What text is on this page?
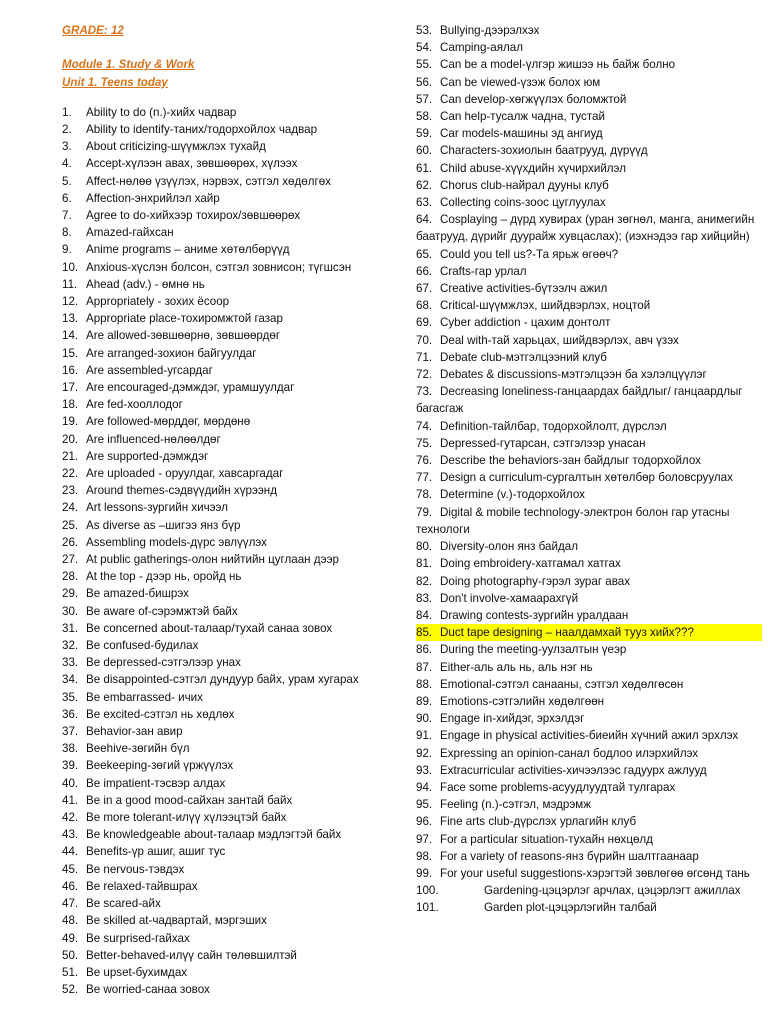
GRADE: 12
Module 1. Study & Work
Unit 1. Teens today
1.	Ability to do (n.)-хийх чадвар
2.	Ability to identify-таних/тодорхойлох чадвар
3.	About criticizing-шүүмжлэх тухайд
4.	Accept-хүлээн авах, зөвшөөрөх, хүлээх
5.	Affect-нөлөө үзүүлэх, нэрвэх, сэтгэл хөдөлгөх
6.	Affection-энхрийлэл хайр
7.	Agree to do-хийхээр тохирох/зөвшөөрөх
8.	Amazed-гайхсан
9.	Anime programs – аниме хөтөлбөрүүд
10. Anxious-хүслэн болсон, сэтгэл зовнисон; түгшсэн
11. Ahead (adv.) - өмнө нь
12. Appropriately - зохих ёсоор
13. Appropriate place-тохиромжтой газар
14. Are allowed-зөвшөөрнө, зөвшөөрдөг
15. Are arranged-зохион байгуулдаг
16. Are assembled-угсардаг
17. Are encouraged-дэмждэг, урамшуулдаг
18. Are fed-хооллодог
19. Are followed-мөрддөг, мөрдөнө
20. Are influenced-нөлөөлдөг
21. Are supported-дэмждэг
22. Are uploaded - оруулдаг, хавсаргадаг
23. Around themes-сэдвүүдийн хүрээнд
24. Art lessons-зургийн хичээл
25. As diverse as –шигээ янз бүр
26. Assembling models-дүрс эвлүүлэх
27. At public gatherings-олон нийтийн цуглаан дээр
28. At the top - дээр нь, оройд нь
29. Be amazed-бишрэх
30. Be aware of-сэрэмжтэй байх
31. Be concerned about-талаар/тухай санаа зовох
32. Be confused-будилах
33. Be depressed-сэтгэлээр унах
34. Be disappointed-сэтгэл дундуур байх, урам хугарах
35. Be embarrassed- ичих
36. Be excited-сэтгэл нь хөдлөх
37. Behavior-зан авир
38. Beehive-зөгийн бүл
39. Beekeeping-зөгий үржүүлэх
40. Be impatient-тэсвэр алдах
41. Be in a good mood-сайхан зантай байх
42. Be more tolerant-илүү хүлээцтэй байх
43. Be knowledgeable about-талаар мэдлэгтэй байх
44. Benefits-үр ашиг, ашиг тус
45. Be nervous-тэвдэх
46. Be relaxed-тайвшрах
47. Be scared-айх
48. Be skilled at-чадвартай, мэргэших
49. Be surprised-гайхах
50. Better-behaved-илүү сайн төлөвшилтэй
51. Be upset-бухимдах
52. Be worried-санаа зовох
53. Bullying-дээрэлхэх
54. Camping-аялал
55. Can be a model-үлгэр жишээ нь байж болно
56. Can be viewed-үзэж болох юм
57. Can develop-хөгжүүлэх боломжтой
58. Can help-тусалж чадна, тустай
59. Car models-машины эд ангиуд
60. Characters-зохиолын баатрууд, дүрүүд
61. Child abuse-хүүхдийн хүчирхийлэл
62. Chorus club-найрал дууны клуб
63. Collecting coins-зоос цуглуулах
64. Cosplaying – дүрд хувирах (уран зөгнөл, манга, анимегийн баатрууд, дүрийг дуурайж хувцаслах); (иэхнэдээ гар хийцийн)
65. Could you tell us?-Та ярьж өгөөч?
66. Crafts-гар урлал
67. Creative activities-бүтээлч ажил
68. Critical-шүүмжлэх, шийдвэрлэх, ноцтой
69. Cyber addiction - цахим донтолт
70. Deal with-тай харьцах, шийдвэрлэх, авч үзэх
71. Debate club-мэтгэлцээний клуб
72. Debates & discussions-мэтгэлцээн ба хэлэлцүүлэг
73. Decreasing loneliness-ганцаардах байдлыг/ ганцаардлыг багасгаж
74. Definition-тайлбар, тодорхойлолт, дүрслэл
75. Depressed-гутарсан, сэтгэлээр унасан
76. Describe the behaviors-зан байдлыг тодорхойлох
77. Design a curriculum-сургалтын хөтөлбөр боловсруулах
78. Determine (v.)-тодорхойлох
79. Digital & mobile technology-электрон болон гар утасны технологи
80. Diversity-олон янз байдал
81. Doing embroidery-хатгамал хатгах
82. Doing photography-гэрэл зураг авах
83. Don't involve-хамаарахгүй
84. Drawing contests-зургийн уралдаан
85. Duct tape designing – наалдамхай тууз хийх???
86. During the meeting-уулзалтын үеэр
87. Either-аль аль нь, аль нэг нь
88. Emotional-сэтгэл санааны, сэтгэл хөдөлгөсөн
89. Emotions-сэтгэлийн хөдөлгөөн
90. Engage in-хийдэг, эрхэлдэг
91. Engage in physical activities-биеийн хүчний ажил эрхлэх
92. Expressing an opinion-санал бодлоо илэрхийлэх
93. Extracurricular activities-хичээлээс гадуурх ажлууд
94. Face some problems-асуудлуудтай тулгарах
95. Feeling (n.)-сэтгэл, мэдрэмж
96. Fine arts club-дүрслэх урлагийн клуб
97. For a particular situation-тухайн нөхцөлд
98. For a variety of reasons-янз бүрийн шалтгаанаар
99. For your useful suggestions-хэрэгтэй зөвлөгөө өгсөнд тань
100.	Gardening-цэцэрлэг арчлах, цэцэрлэгт ажиллах
101.	Garden plot-цэцэрлэгийн талбай
